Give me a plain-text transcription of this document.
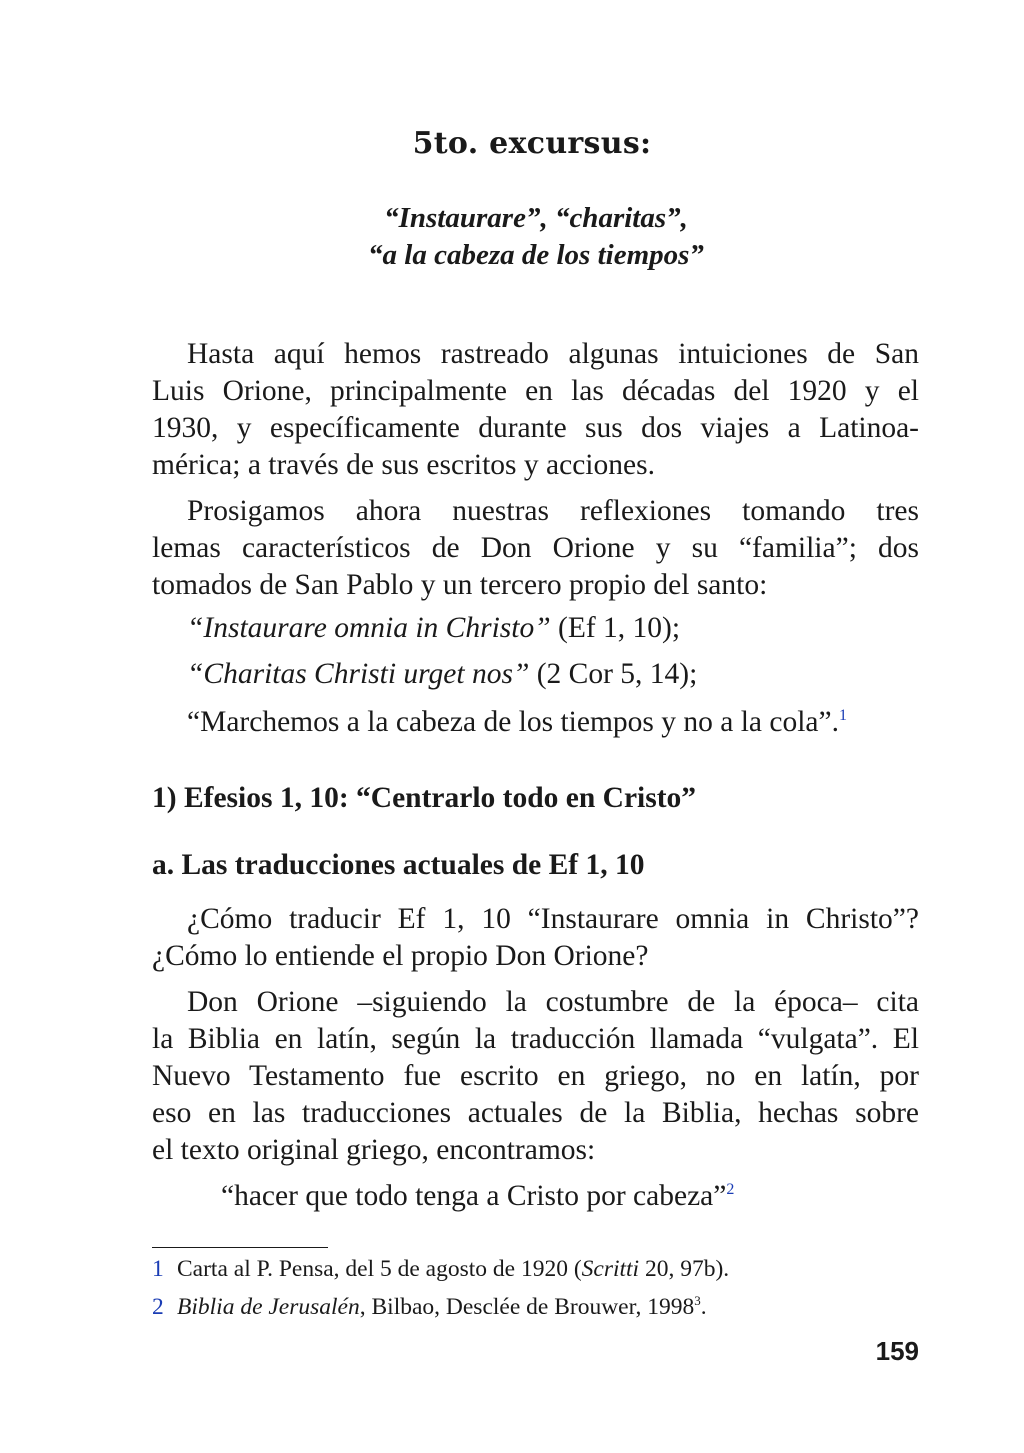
5to. excursus:
“Instaurare”, “charitas”,
“a la cabeza de los tiempos”
Hasta aquí hemos rastreado algunas intuiciones de San
Luis Orione, principalmente en las décadas del 1920 y el
1930, y específicamente durante sus dos viajes a Latinoa-
mérica; a través de sus escritos y acciones.
Prosigamos ahora nuestras reflexiones tomando tres
lemas característicos de Don Orione y su “familia”; dos
tomados de San Pablo y un tercero propio del santo:
“Instaurare omnia in Christo” (Ef 1, 10);
“Charitas Christi urget nos” (2 Cor 5, 14);
“Marchemos a la cabeza de los tiempos y no a la cola”.$^1$
1) Efesios 1, 10: “Centrarlo todo en Cristo”
a. Las traducciones actuales de Ef 1, 10
¿Cómo traducir Ef 1, 10 “Instaurare omnia in Christo”?
¿Cómo lo entiende el propio Don Orione?
Don Orione –siguiendo la costumbre de la época– cita
la Biblia en latín, según la traducción llamada “vulgata”. El
Nuevo Testamento fue escrito en griego, no en latín, por
eso en las traducciones actuales de la Biblia, hechas sobre
el texto original griego, encontramos:
“hacer que todo tenga a Cristo por cabeza”$^2$
1 Carta al P. Pensa, del 5 de agosto de 1920 (Scritti 20, 97b).
2 Biblia de Jerusalén, Bilbao, Desclée de Brouwer, 1998$^3$.
159
